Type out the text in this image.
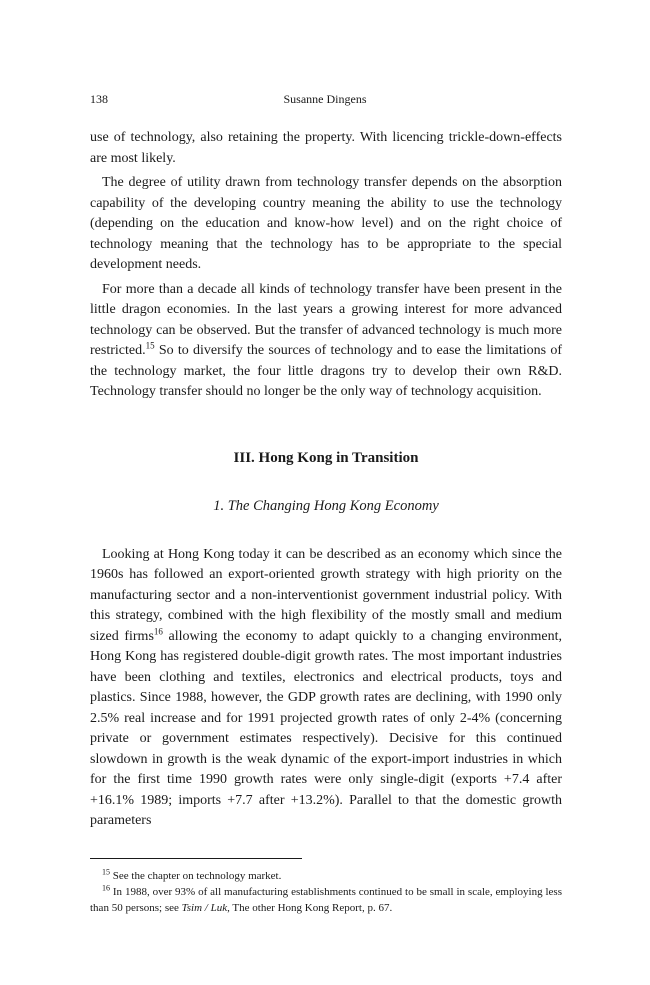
138	Susanne Dingens

use of technology, also retaining the property. With licencing trickle-down-effects are most likely.

The degree of utility drawn from technology transfer depends on the absorption capability of the developing country meaning the ability to use the technology (depending on the education and know-how level) and on the right choice of technology meaning that the technology has to be appropriate to the special development needs.

For more than a decade all kinds of technology transfer have been present in the little dragon economies. In the last years a growing interest for more advanced technology can be observed. But the transfer of advanced technology is much more restricted.$^{15}$ So to diversify the sources of technology and to ease the limitations of the technology market, the four little dragons try to develop their own R&D. Technology transfer should no longer be the only way of technology acquisition.

III. Hong Kong in Transition
1. The Changing Hong Kong Economy

Looking at Hong Kong today it can be described as an economy which since the 1960s has followed an export-oriented growth strategy with high priority on the manufacturing sector and a non-interventionist government industrial policy. With this strategy, combined with the high flexibility of the mostly small and medium sized firms$^{16}$ allowing the economy to adapt quickly to a changing environment, Hong Kong has registered double-digit growth rates. The most important industries have been clothing and textiles, electronics and electrical products, toys and plastics. Since 1988, however, the GDP growth rates are declining, with 1990 only 2.5% real increase and for 1991 projected growth rates of only 2-4% (concerning private or government estimates respectively). Decisive for this continued slowdown in growth is the weak dynamic of the export-import industries in which for the first time 1990 growth rates were only single-digit (exports +7.4 after +16.1% 1989; imports +7.7 after +13.2%). Parallel to that the domestic growth parameters

$^{15}$ See the chapter on technology market.

$^{16}$ In 1988, over 93% of all manufacturing establishments continued to be small in scale, employing less than 50 persons; see Tsim / Luk, The other Hong Kong Report, p. 67.
